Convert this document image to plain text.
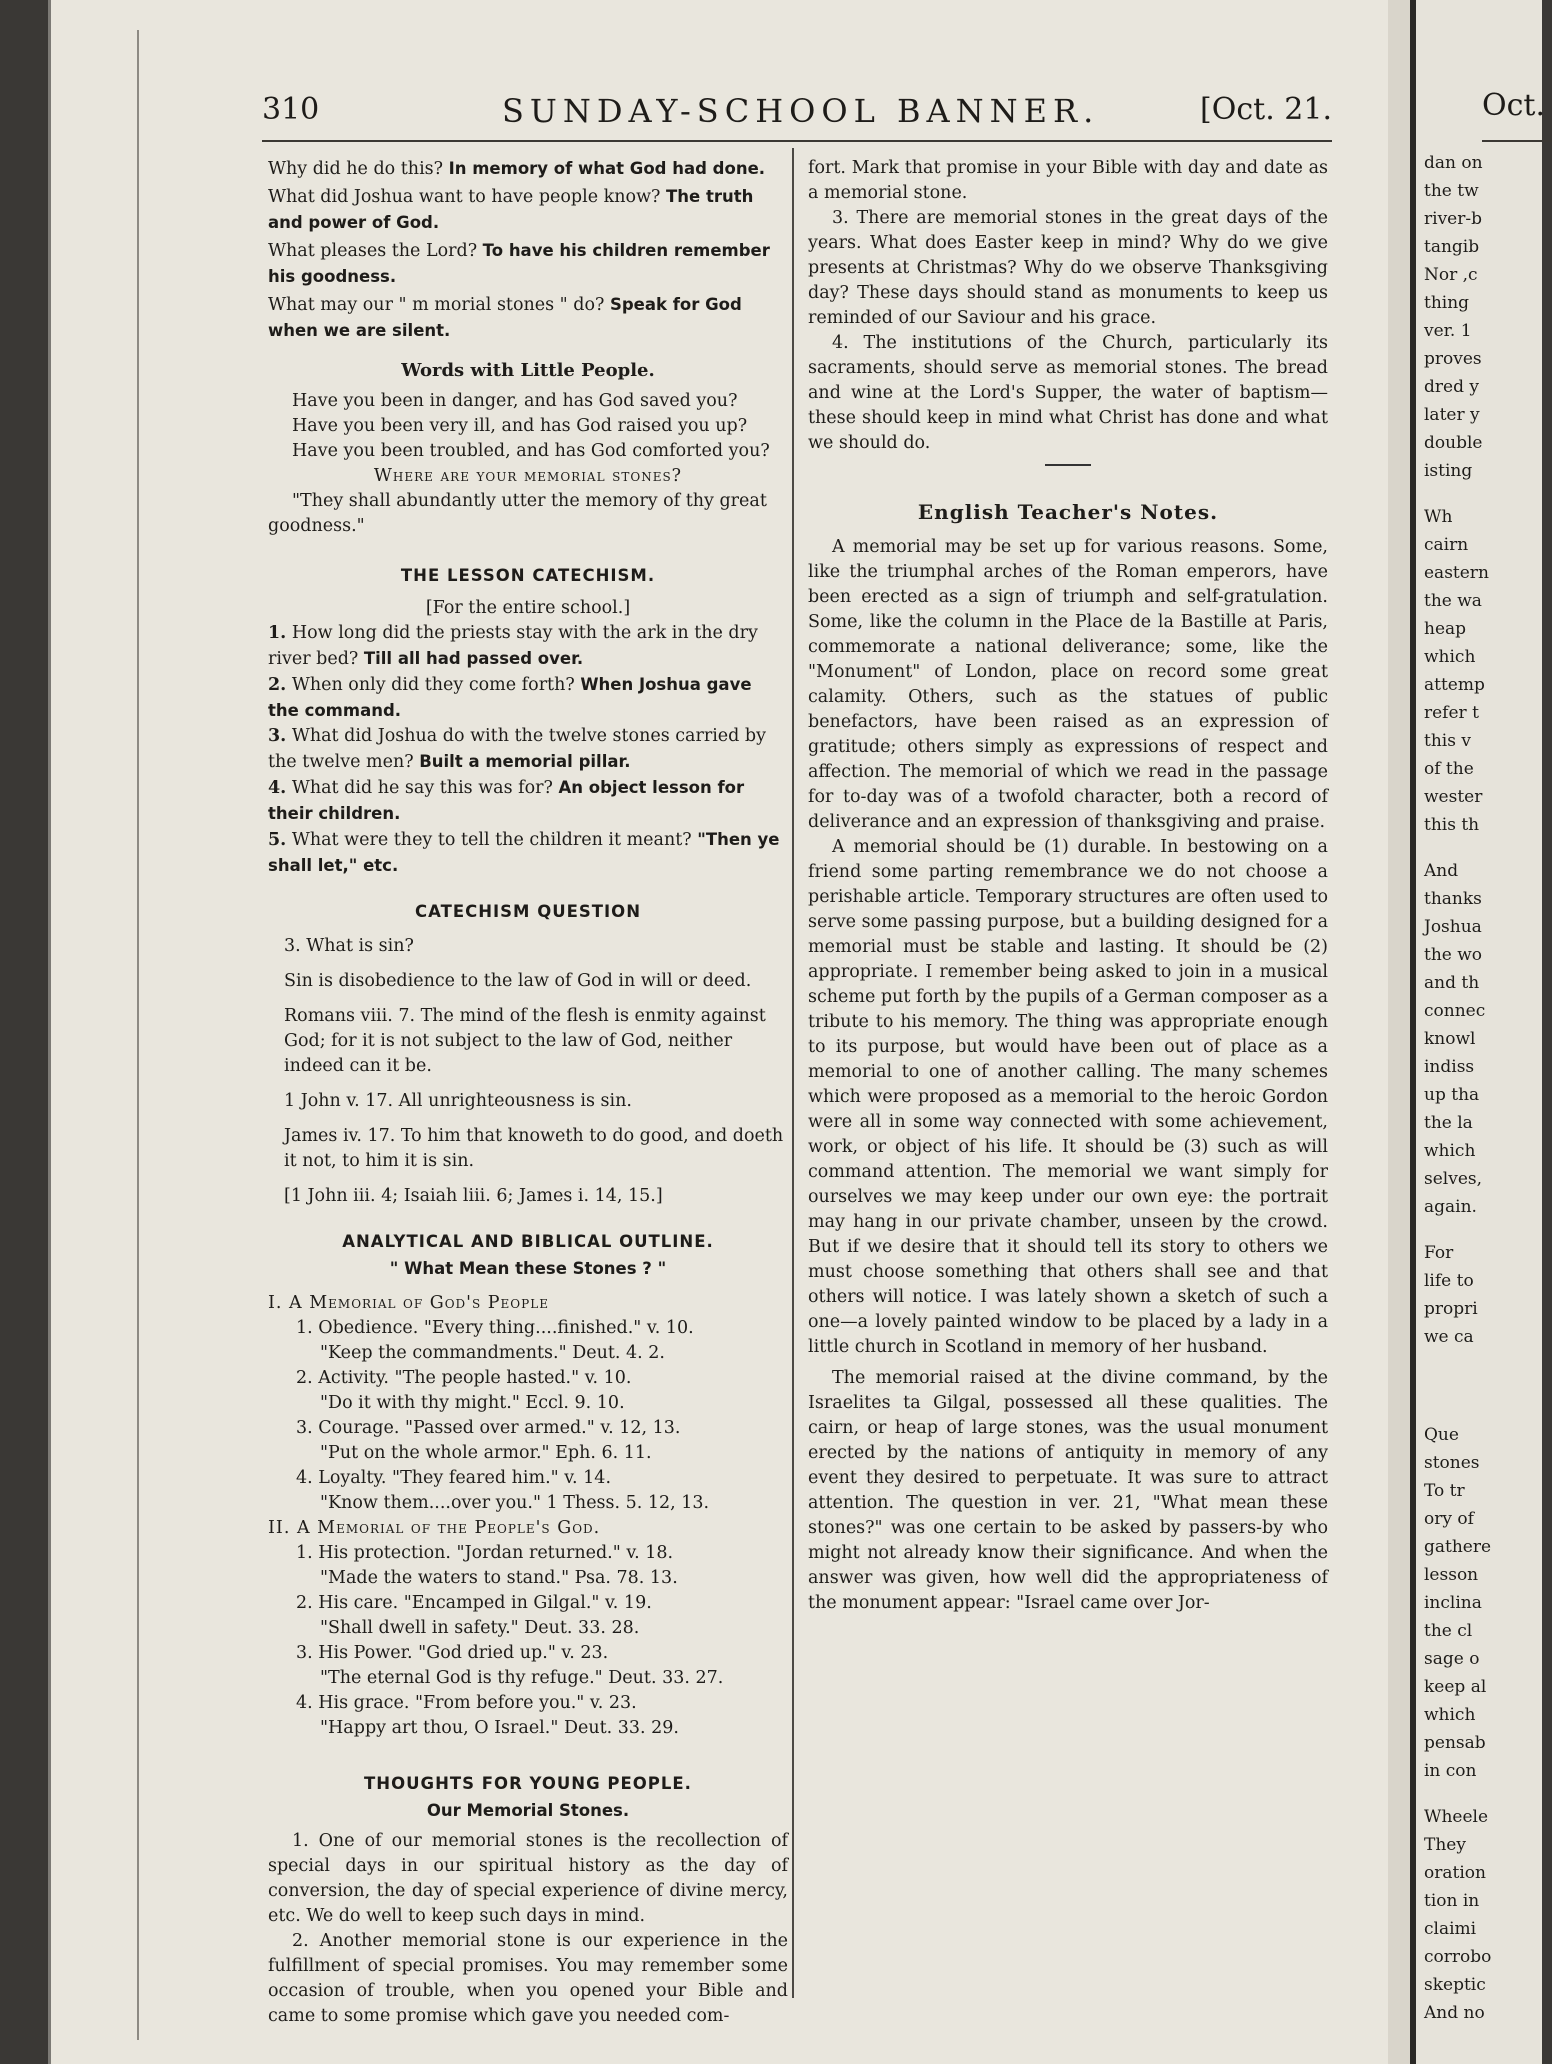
310	SUNDAY-SCHOOL BANNER.	[Oct. 21.

Why did he do this? In memory of what God had done.

What did Joshua want to have people know? The truth and power of God.

What pleases the Lord? To have his children remember his goodness.

What may our " m morial stones " do? Speak for God when we are silent.

Words with Little People.

Have you been in danger, and has God saved you?

Have you been very ill, and has God raised you up?

Have you been troubled, and has God comforted you?

Where are your memorial stones?

"They shall abundantly utter the memory of thy great goodness."

THE LESSON CATECHISM.

[For the entire school.]

1. How long did the priests stay with the ark in the dry river bed? Till all had passed over.

2. When only did they come forth? When Joshua gave the command.

3. What did Joshua do with the twelve stones carried by the twelve men? Built a memorial pillar.

4. What did he say this was for? An object lesson for their children.

5. What were they to tell the children it meant? "Then ye shall let," etc.

CATECHISM QUESTION

3. What is sin?

Sin is disobedience to the law of God in will or deed.

Romans viii. 7. The mind of the flesh is enmity against God; for it is not subject to the law of God, neither indeed can it be.

1 John v. 17. All unrighteousness is sin.

James iv. 17. To him that knoweth to do good, and doeth it not, to him it is sin.

[1 John iii. 4; Isaiah liii. 6; James i. 14, 15.]

ANALYTICAL AND BIBLICAL OUTLINE.

" What Mean these Stones ? "

I. A Memorial of God's People

1. Obedience. "Every thing....finished." v. 10.

"Keep the commandments." Deut. 4. 2.

2. Activity. "The people hasted." v. 10.

"Do it with thy might." Eccl. 9. 10.

3. Courage. "Passed over armed." v. 12, 13.

"Put on the whole armor." Eph. 6. 11.

4. Loyalty. "They feared him." v. 14.

"Know them....over you." 1 Thess. 5. 12, 13.

II. A Memorial of the People's God.

1. His protection. "Jordan returned." v. 18.

"Made the waters to stand." Psa. 78. 13.

2. His care. "Encamped in Gilgal." v. 19.

"Shall dwell in safety." Deut. 33. 28.

3. His Power. "God dried up." v. 23.

"The eternal God is thy refuge." Deut. 33. 27.

4. His grace. "From before you." v. 23.

"Happy art thou, O Israel." Deut. 33. 29.

THOUGHTS FOR YOUNG PEOPLE.

Our Memorial Stones.

1. One of our memorial stones is the recollection of special days in our spiritual history as the day of conversion, the day of special experience of divine mercy, etc. We do well to keep such days in mind.

2. Another memorial stone is our experience in the fulfillment of special promises. You may remember some occasion of trouble, when you opened your Bible and came to some promise which gave you needed com-

fort. Mark that promise in your Bible with day and date as a memorial stone.

3. There are memorial stones in the great days of the years. What does Easter keep in mind? Why do we give presents at Christmas? Why do we observe Thanksgiving day? These days should stand as monuments to keep us reminded of our Saviour and his grace.

4. The institutions of the Church, particularly its sacraments, should serve as memorial stones. The bread and wine at the Lord's Supper, the water of baptism—these should keep in mind what Christ has done and what we should do.

English Teacher's Notes.

A memorial may be set up for various reasons. Some, like the triumphal arches of the Roman emperors, have been erected as a sign of triumph and self-gratulation. Some, like the column in the Place de la Bastille at Paris, commemorate a national deliverance; some, like the "Monument" of London, place on record some great calamity. Others, such as the statues of public benefactors, have been raised as an expression of gratitude; others simply as expressions of respect and affection. The memorial of which we read in the passage for to-day was of a twofold character, both a record of deliverance and an expression of thanksgiving and praise.

A memorial should be (1) durable. In bestowing on a friend some parting remembrance we do not choose a perishable article. Temporary structures are often used to serve some passing purpose, but a building designed for a memorial must be stable and lasting. It should be (2) appropriate. I remember being asked to join in a musical scheme put forth by the pupils of a German composer as a tribute to his memory. The thing was appropriate enough to its purpose, but would have been out of place as a memorial to one of another calling. The many schemes which were proposed as a memorial to the heroic Gordon were all in some way connected with some achievement, work, or object of his life. It should be (3) such as will command attention. The memorial we want simply for ourselves we may keep under our own eye: the portrait may hang in our private chamber, unseen by the crowd. But if we desire that it should tell its story to others we must choose something that others shall see and that others will notice. I was lately shown a sketch of such a one—a lovely painted window to be placed by a lady in a little church in Scotland in memory of her husband.

The memorial raised at the divine command, by the Israelites ta Gilgal, possessed all these qualities. The cairn, or heap of large stones, was the usual monument erected by the nations of antiquity in memory of any event they desired to perpetuate. It was sure to attract attention. The question in ver. 21, "What mean these stones?" was one certain to be asked by passers-by who might not already know their significance. And when the answer was given, how well did the appropriateness of the monument appear: "Israel came over Jor-

Oct.
dan on
the tw
river-b
tangib
Nor ,c
thing
ver. 1
proves
dred y
later y
double
isting
Wh
cairn
eastern
the wa
heap
which
attemp
refer t
this v
of the
wester
this th
And
thanks
Joshua
the wo
and th
connec
knowl
indiss
up tha
the la
which
selves,
again.
For
life to
propri
we ca
Que
stones
To tr
ory of
gathere
lesson
inclina
the cl
sage o
keep al
which
pensab
in con
Wheele
They
oration
tion in
claimi
corrobo
skeptic
And no
